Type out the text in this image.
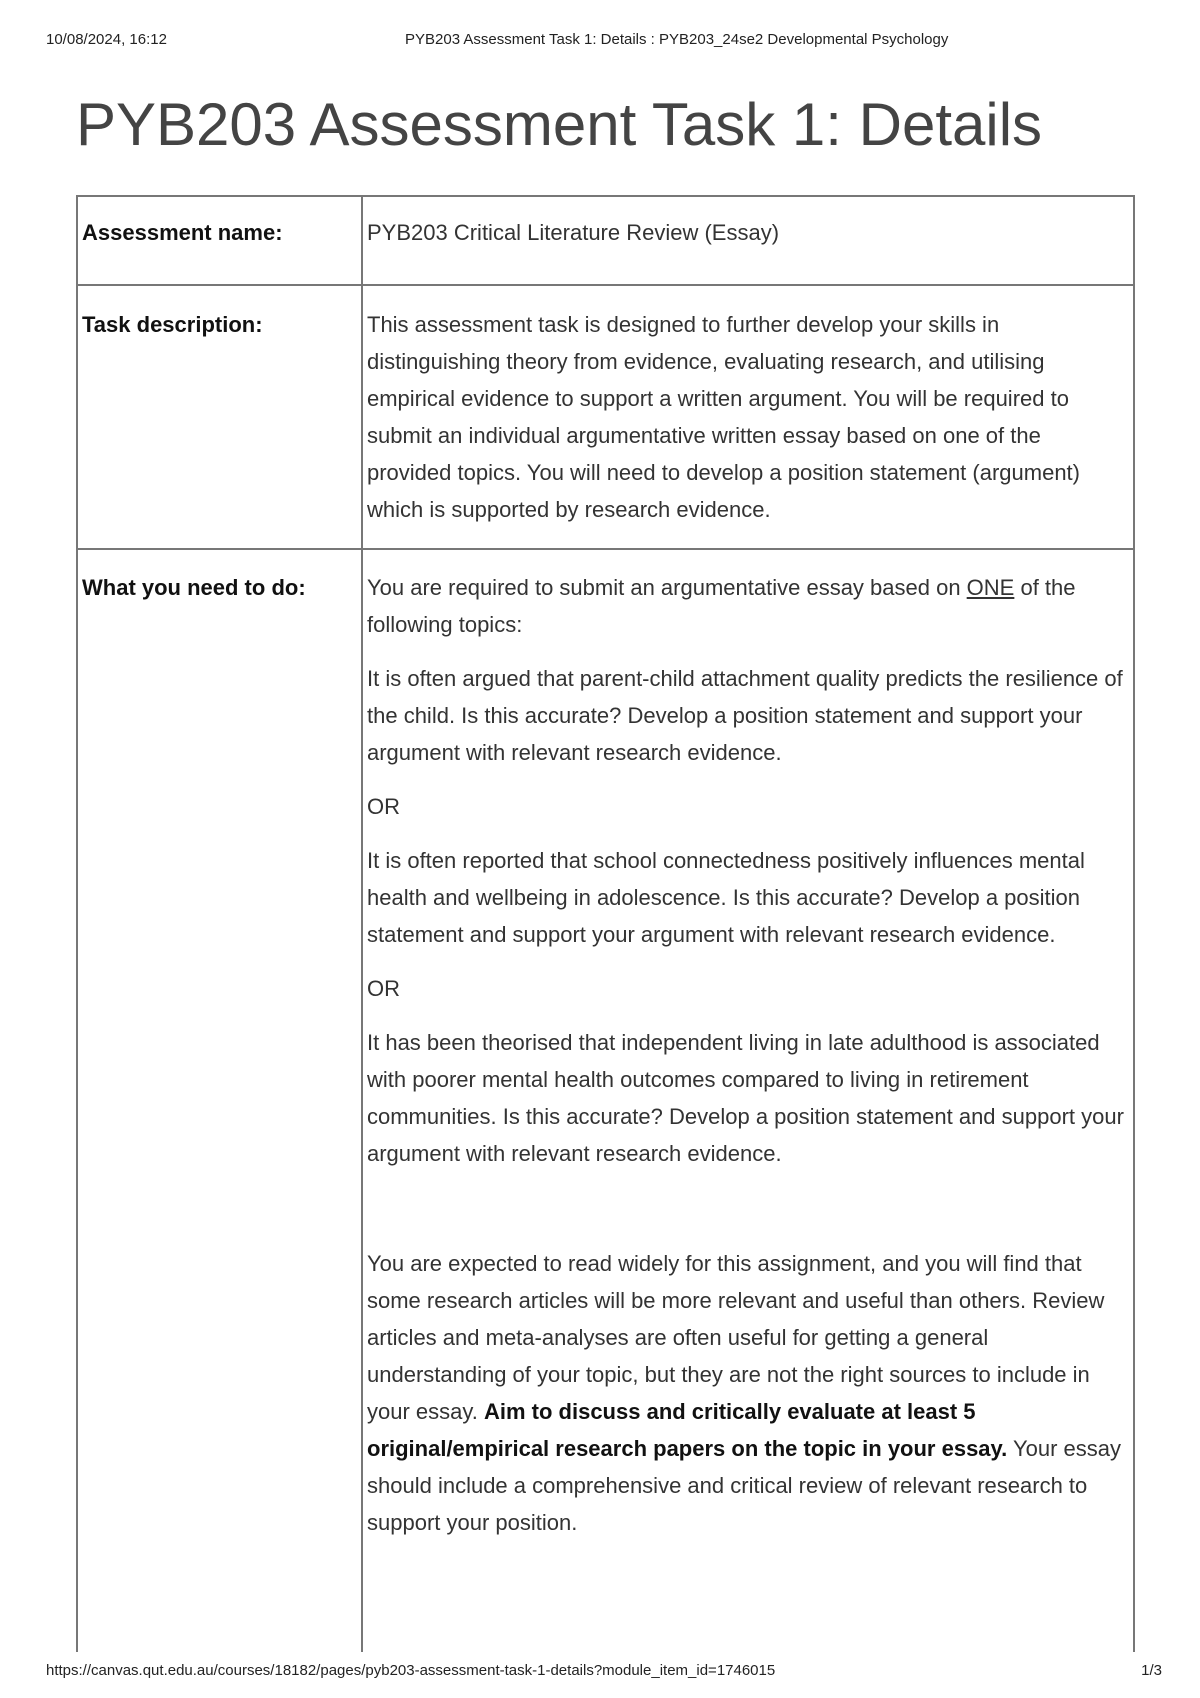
10/08/2024, 16:12	PYB203 Assessment Task 1: Details : PYB203_24se2 Developmental Psychology
PYB203 Assessment Task 1: Details
Assessment name:	PYB203 Critical Literature Review (Essay)
Task description:	This assessment task is designed to further develop your skills in distinguishing theory from evidence, evaluating research, and utilising empirical evidence to support a written argument. You will be required to submit an individual argumentative written essay based on one of the provided topics. You will need to develop a position statement (argument) which is supported by research evidence.
What you need to do:	You are required to submit an argumentative essay based on ONE of the following topics:

It is often argued that parent-child attachment quality predicts the resilience of the child. Is this accurate? Develop a position statement and support your argument with relevant research evidence.

OR

It is often reported that school connectedness positively influences mental health and wellbeing in adolescence. Is this accurate? Develop a position statement and support your argument with relevant research evidence.

OR

It has been theorised that independent living in late adulthood is associated with poorer mental health outcomes compared to living in retirement communities. Is this accurate? Develop a position statement and support your argument with relevant research evidence.

You are expected to read widely for this assignment, and you will find that some research articles will be more relevant and useful than others. Review articles and meta-analyses are often useful for getting a general understanding of your topic, but they are not the right sources to include in your essay. Aim to discuss and critically evaluate at least 5 original/empirical research papers on the topic in your essay. Your essay should include a comprehensive and critical review of relevant research to support your position.

https://canvas.qut.edu.au/courses/18182/pages/pyb203-assessment-task-1-details?module_item_id=1746015	1/3
